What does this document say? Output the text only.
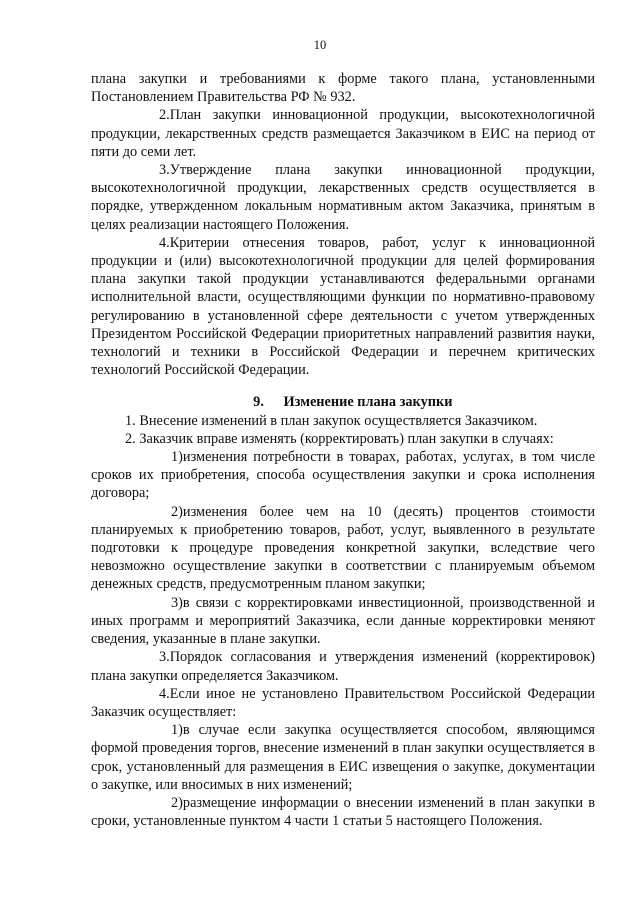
10

плана закупки и требованиями к форме такого плана, установленными Постановлением Правительства РФ № 932.

2.План закупки инновационной продукции, высокотехнологичной продукции, лекарственных средств размещается Заказчиком в ЕИС на период от пяти до семи лет.

3.Утверждение плана закупки инновационной продукции, высокотехнологичной продукции, лекарственных средств осуществляется в порядке, утвержденном локальным нормативным актом Заказчика, принятым в целях реализации настоящего Положения.

4.Критерии отнесения товаров, работ, услуг к инновационной продукции и (или) высокотехнологичной продукции для целей формирования плана закупки такой продукции устанавливаются федеральными органами исполнительной власти, осуществляющими функции по нормативно-правовому регулированию в установленной сфере деятельности с учетом утвержденных Президентом Российской Федерации приоритетных направлений развития науки, технологий и техники в Российской Федерации и перечнем критических технологий Российской Федерации.

9. Изменение плана закупки

1. Внесение изменений в план закупок осуществляется Заказчиком.

2. Заказчик вправе изменять (корректировать) план закупки в случаях:

1)изменения потребности в товарах, работах, услугах, в том числе сроков их приобретения, способа осуществления закупки и срока исполнения договора;

2)изменения более чем на 10 (десять) процентов стоимости планируемых к приобретению товаров, работ, услуг, выявленного в результате подготовки к процедуре проведения конкретной закупки, вследствие чего невозможно осуществление закупки в соответствии с планируемым объемом денежных средств, предусмотренным планом закупки;

3)в связи с корректировками инвестиционной, производственной и иных программ и мероприятий Заказчика, если данные корректировки меняют сведения, указанные в плане закупки.

3.Порядок согласования и утверждения изменений (корректировок) плана закупки определяется Заказчиком.

4.Если иное не установлено Правительством Российской Федерации Заказчик осуществляет:

1)в случае если закупка осуществляется способом, являющимся формой проведения торгов, внесение изменений в план закупки осуществляется в срок, установленный для размещения в ЕИС извещения о закупке, документации о закупке, или вносимых в них изменений;

2)размещение информации о внесении изменений в план закупки в сроки, установленные пунктом 4 части 1 статьи 5 настоящего Положения.
